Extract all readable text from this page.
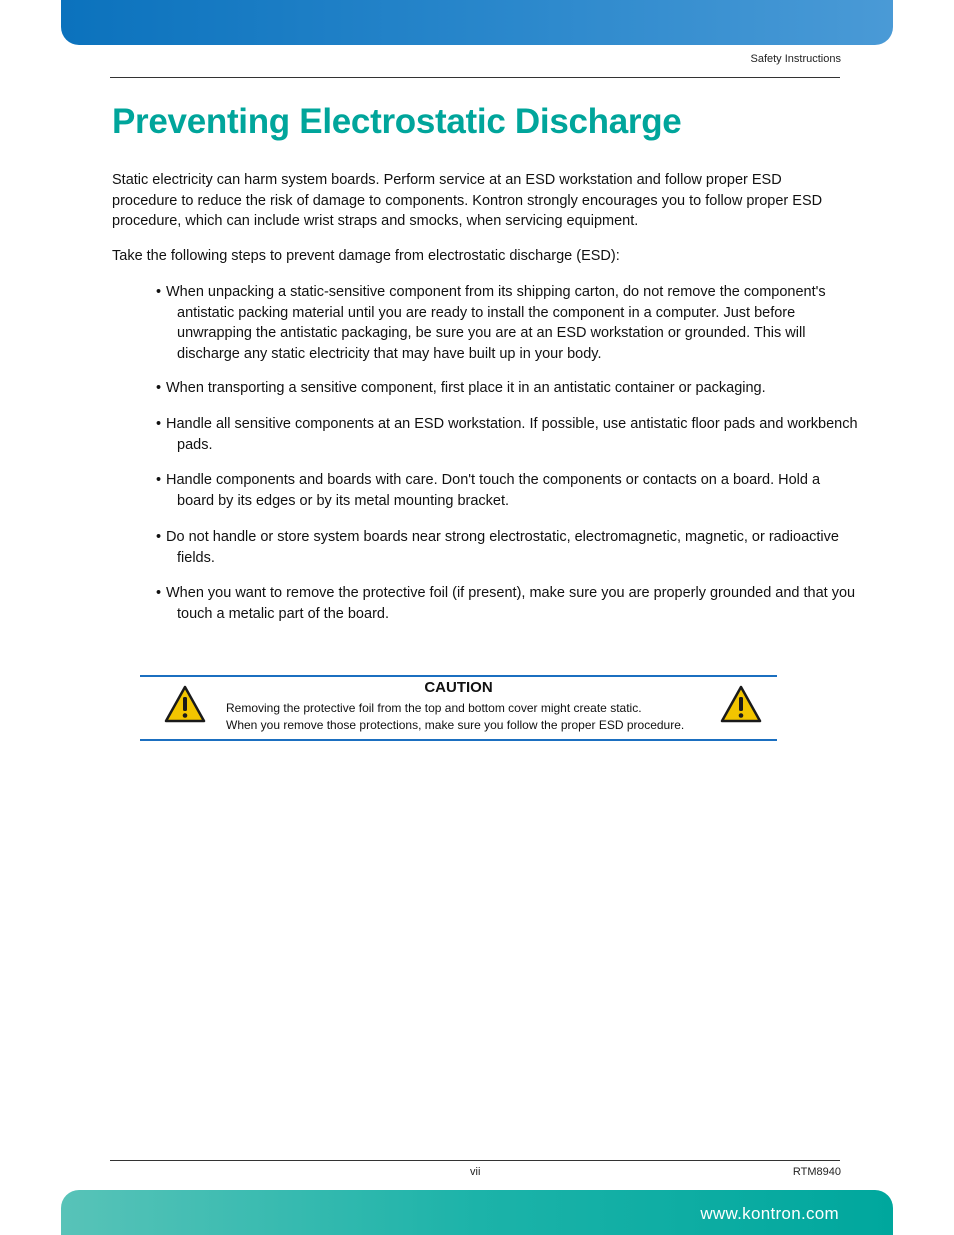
Safety Instructions
Preventing Electrostatic Discharge

Static electricity can harm system boards. Perform service at an ESD workstation and follow proper ESD procedure to reduce the risk of damage to components. Kontron strongly encourages you to follow proper ESD procedure, which can include wrist straps and smocks, when servicing equipment.

Take the following steps to prevent damage from electrostatic discharge (ESD):

• When unpacking a static-sensitive component from its shipping carton, do not remove the component's antistatic packing material until you are ready to install the component in a computer. Just before unwrapping the antistatic packaging, be sure you are at an ESD workstation or grounded. This will discharge any static electricity that may have built up in your body.

• When transporting a sensitive component, first place it in an antistatic container or packaging.

• Handle all sensitive components at an ESD workstation. If possible, use antistatic floor pads and workbench pads.

• Handle components and boards with care. Don't touch the components or contacts on a board. Hold a board by its edges or by its metal mounting bracket.

• Do not handle or store system boards near strong electrostatic, electromagnetic, magnetic, or radioactive fields.

• When you want to remove the protective foil (if present), make sure you are properly grounded and that you touch a metalic part of the board.

CAUTION
Removing the protective foil from the top and bottom cover might create static.
When you remove those protections, make sure you follow the proper ESD procedure.
vii	RTM8940
www.kontron.com
